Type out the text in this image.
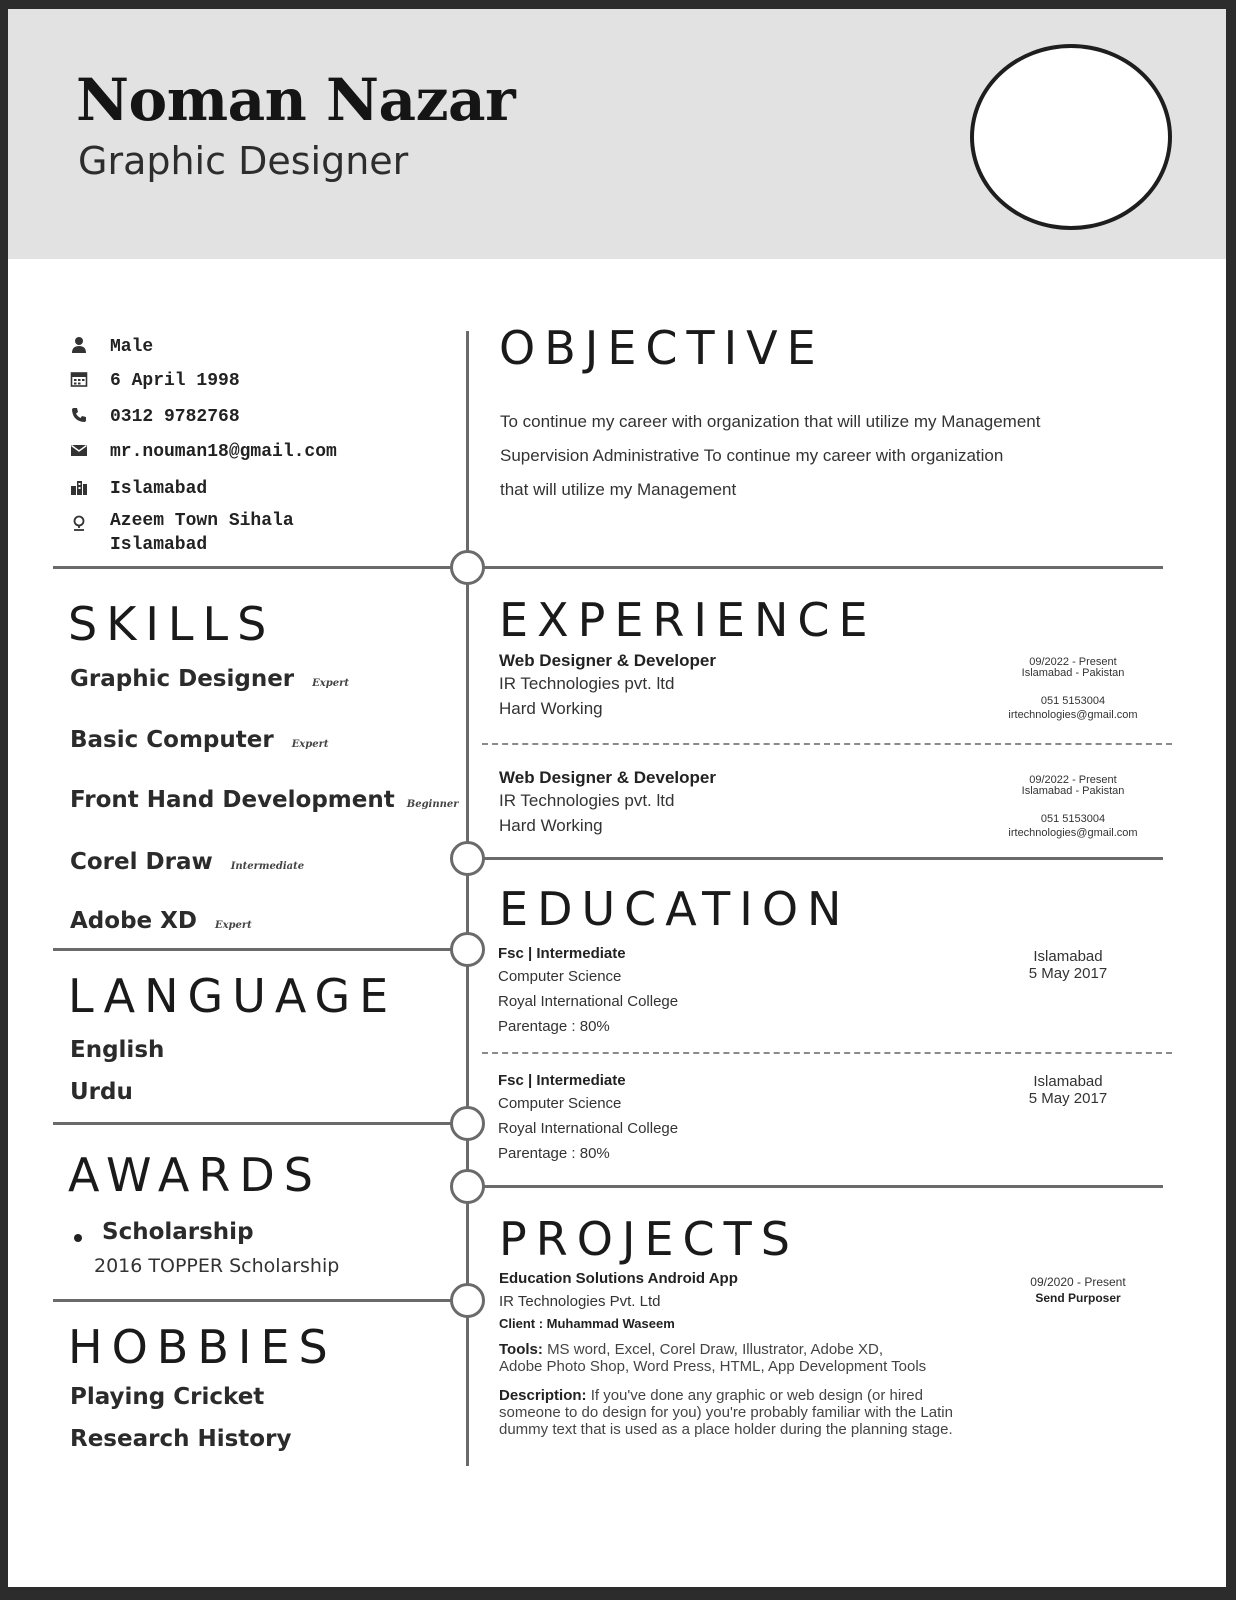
Noman Nazar
Graphic Designer
Male
6 April 1998
0312 9782768
mr.nouman18@gmail.com
Islamabad
Azeem Town Sihala
Islamabad
OBJECTIVE
To continue my career with organization that will utilize my Management
Supervision Administrative To continue my career with organization
that will utilize my Management
SKILLS
Graphic Designer Expert
Basic Computer Expert
Front Hand Development Beginner
Corel Draw Intermediate
Adobe XD Expert
LANGUAGE
English
Urdu
AWARDS
Scholarship
2016 TOPPER Scholarship
HOBBIES
Playing Cricket
Research History
EXPERIENCE
Web Designer & Developer
IR Technologies pvt. ltd
Hard Working
09/2022 - Present
Islamabad - Pakistan
051 5153004
irtechnologies@gmail.com
Web Designer & Developer
IR Technologies pvt. ltd
Hard Working
09/2022 - Present
Islamabad - Pakistan
051 5153004
irtechnologies@gmail.com
EDUCATION
Fsc | Intermediate
Computer Science
Royal International College
Parentage : 80%
Islamabad
5 May 2017
Fsc | Intermediate
Computer Science
Royal International College
Parentage : 80%
Islamabad
5 May 2017
PROJECTS
Education Solutions Android App
IR Technologies Pvt. Ltd
Client : Muhammad Waseem
Tools: MS word, Excel, Corel Draw, Illustrator, Adobe XD,
Adobe Photo Shop, Word Press, HTML, App Development Tools
Description: If you've done any graphic or web design (or hired
someone to do design for you) you're probably familiar with the Latin
dummy text that is used as a place holder during the planning stage.
09/2020 - Present
Send Purposer
